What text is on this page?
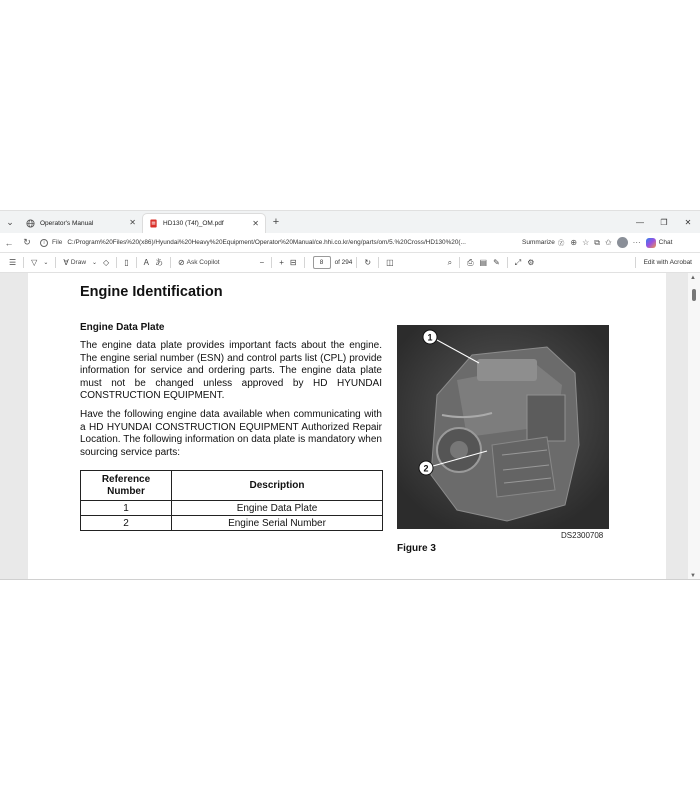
⌄	Operator's Manual	✕	HD130 (T4f)_OM.pdf	✕ +	—	❐	✕
←	↻	i	File C:/Program%20Files%20(x86)/Hyundai%20Heavy%20Equipment/Operator%20Manual/ce.hhi.co.kr/eng/parts/om/5.%20Cross/HD130%20(...	Summarize Ⓩ ⊕ ☆ ⧉ ✩	···	Chat
☰	▽	⌄	∀ Draw	⌄ ◇	▯	A あ	⊘ Ask Copilot	−	+ ⊟	8	of 294	↻	◫	⌕	⎙ ▤ ✎	⤢ ⚙	Edit with Acrobat
Engine Identification
Engine Data Plate
The engine data plate provides important facts about the engine. The engine serial number (ESN) and control parts list (CPL) provide information for service and ordering parts. The engine data plate must not be changed unless approved by HD HYUNDAI CONSTRUCTION EQUIPMENT.
Have the following engine data available when communicating with a HD HYUNDAI CONSTRUCTION EQUIPMENT Authorized Repair Location. The following information on data plate is mandatory when sourcing service parts:
Reference Number	Description
1	Engine Data Plate
2	Engine Serial Number
1
2
DS2300708
Figure 3
▲
▼
